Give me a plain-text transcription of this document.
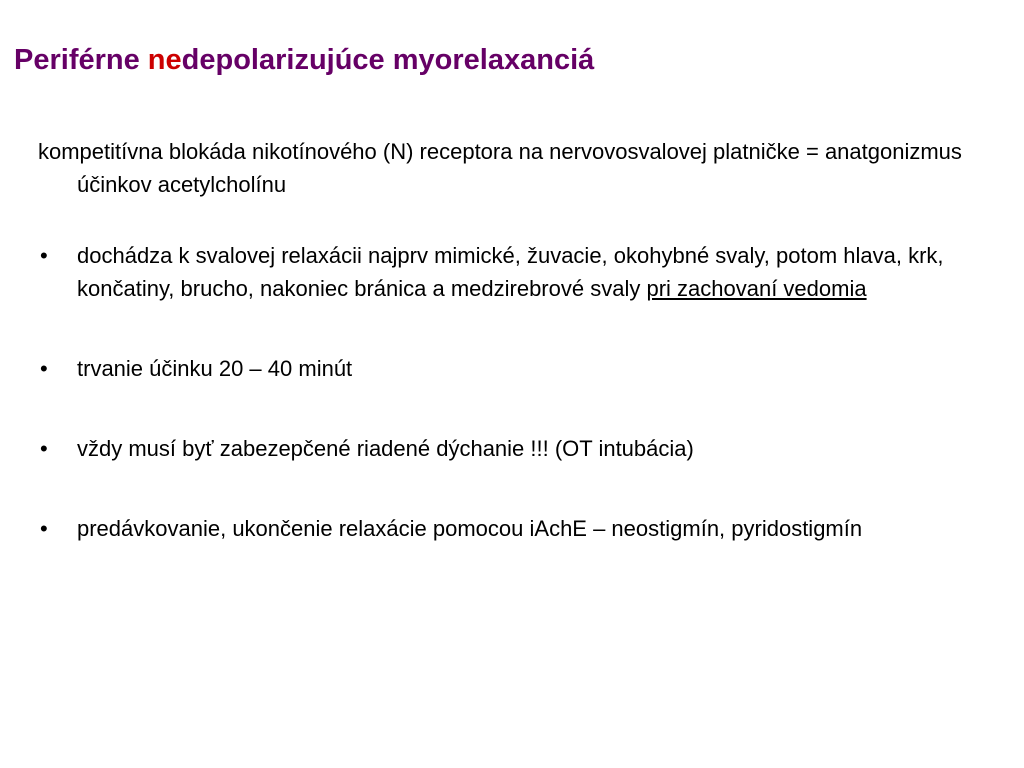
Periférne nedepolarizujúce myorelaxanciá

kompetitívna blokáda nikotínového (N) receptora na nervovosvalovej platničke = anatgonizmus účinkov acetylcholínu

• dochádza k svalovej relaxácii najprv mimické, žuvacie, okohybné svaly, potom hlava, krk, končatiny, brucho, nakoniec bránica a medzirebrové svaly pri zachovaní vedomia
• trvanie účinku 20 – 40 minút
• vždy musí byť zabezepčené riadené dýchanie !!! (OT intubácia)
• predávkovanie, ukončenie relaxácie pomocou iAchE – neostigmín, pyridostigmín
